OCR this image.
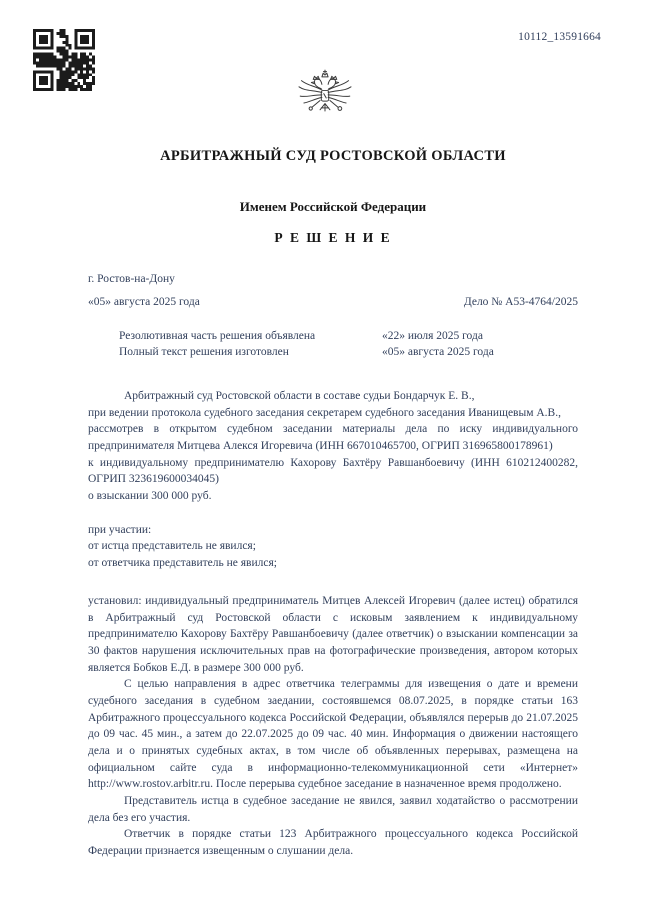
10112_13591664
АРБИТРАЖНЫЙ СУД РОСТОВСКОЙ ОБЛАСТИ
Именем Российской Федерации
Р Е Ш Е Н И Е
г. Ростов-на-Дону
«05» августа 2025 года	Дело № А53-4764/2025
Резолютивная часть решения объявлена	«22» июля 2025 года
Полный текст решения изготовлен	«05» августа 2025 года

Арбитражный суд Ростовской области в составе судьи Бондарчук Е. В.,

при ведении протокола судебного заседания секретарем судебного заседания Иванищевым А.В.,

рассмотрев в открытом судебном заседании материалы дела по иску индивидуального предпринимателя Митцева Алекся Игоревича (ИНН 667010465700, ОГРИП 316965800178961)

к индивидуальному предпринимателю Кахорову Бахтёру Равшанбоевичу (ИНН 610212400282, ОГРИП 323619600034045)

о взыскании 300 000 руб.

при участии:

от истца представитель не явился;

от ответчика представитель не явился;

установил: индивидуальный предприниматель Митцев Алексей Игоревич (далее истец) обратился в Арбитражный суд Ростовской области с исковым заявлением к индивидуальному предпринимателю Кахорову Бахтёру Равшанбоевичу (далее ответчик) о взыскании компенсации за 30 фактов нарушения исключительных прав на фотографические произведения, автором которых является Бобков Е.Д. в размере 300 000 руб.

С целью направления в адрес ответчика телеграммы для извещения о дате и времени судебного заседания в судебном заедании, состоявшемся 08.07.2025, в порядке статьи 163 Арбитражного процессуального кодекса Российской Федерации, объявлялся перерыв до 21.07.2025 до 09 час. 45 мин., а затем до 22.07.2025 до 09 час. 40 мин. Информация о движении настоящего дела и о принятых судебных актах, в том числе об объявленных перерывах, размещена на официальном сайте суда в информационно-телекоммуникационной сети «Интернет» http://www.rostov.arbitr.ru. После перерыва судебное заседание в назначенное время продолжено.

Представитель истца в судебное заседание не явился, заявил ходатайство о рассмотрении дела без его участия.

Ответчик в порядке статьи 123 Арбитражного процессуального кодекса Российской Федерации признается извещенным о слушании дела.
